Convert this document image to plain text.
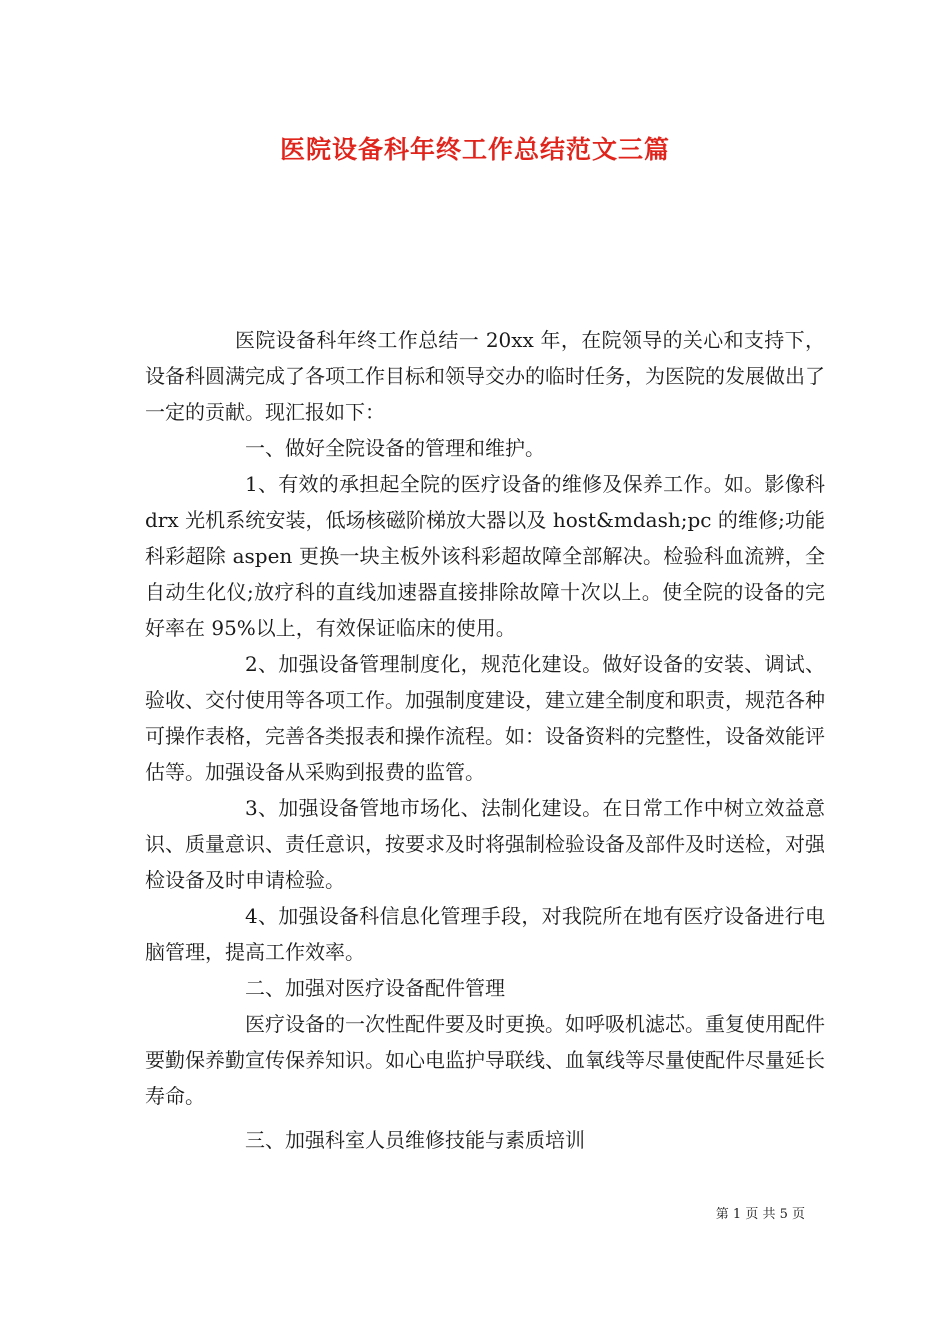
医院设备科年终工作总结范文三篇

医院设备科年终工作总结一 20xx 年，在院领导的关心和支持下，设备科圆满完成了各项工作目标和领导交办的临时任务，为医院的发展做出了一定的贡献。现汇报如下：

一、做好全院设备的管理和维护。

1、有效的承担起全院的医疗设备的维修及保养工作。如。影像科 drx 光机系统安装，低场核磁阶梯放大器以及 host&mdash;pc 的维修;功能科彩超除 aspen 更换一块主板外该科彩超故障全部解决。检验科血流辨，全自动生化仪;放疗科的直线加速器直接排除故障十次以上。使全院的设备的完好率在 95%以上，有效保证临床的使用。

2、加强设备管理制度化，规范化建设。做好设备的安装、调试、验收、交付使用等各项工作。加强制度建设，建立建全制度和职责，规范各种可操作表格，完善各类报表和操作流程。如：设备资料的完整性，设备效能评估等。加强设备从采购到报费的监管。

3、加强设备管地市场化、法制化建设。在日常工作中树立效益意识、质量意识、责任意识，按要求及时将强制检验设备及部件及时送检，对强检设备及时申请检验。

4、加强设备科信息化管理手段，对我院所在地有医疗设备进行电脑管理，提高工作效率。

二、加强对医疗设备配件管理

医疗设备的一次性配件要及时更换。如呼吸机滤芯。重复使用配件要勤保养勤宣传保养知识。如心电监护导联线、血氧线等尽量使配件尽量延长寿命。

三、加强科室人员维修技能与素质培训

第 1 页 共 5 页
